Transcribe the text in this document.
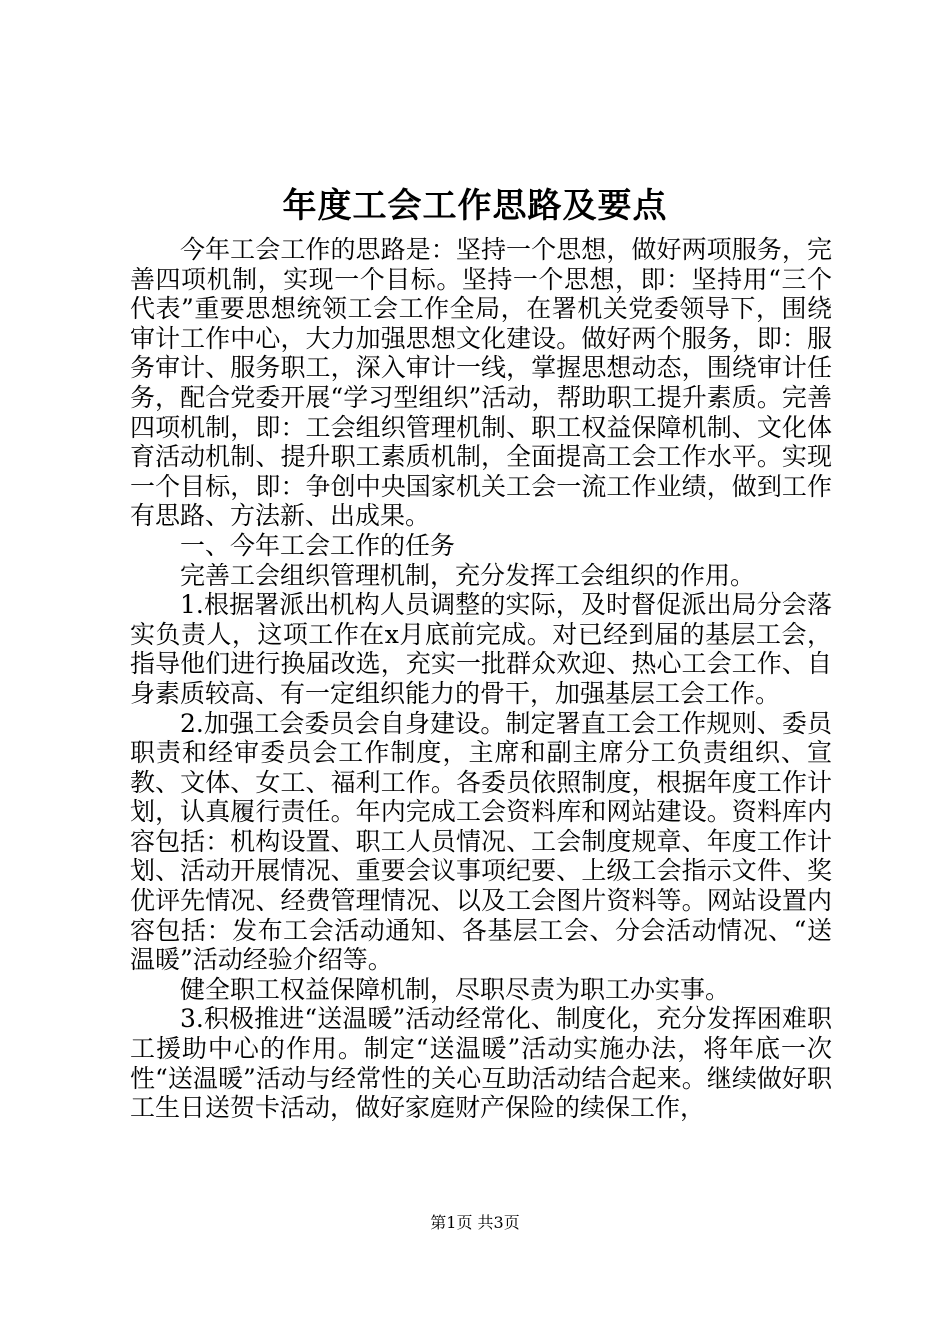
年度工会工作思路及要点

今年工会工作的思路是：坚持一个思想，做好两项服务，完善四项机制，实现一个目标。坚持一个思想，即：坚持用“三个代表”重要思想统领工会工作全局，在署机关党委领导下，围绕审计工作中心，大力加强思想文化建设。做好两个服务，即：服务审计、服务职工，深入审计一线，掌握思想动态，围绕审计任务，配合党委开展“学习型组织”活动，帮助职工提升素质。完善四项机制，即：工会组织管理机制、职工权益保障机制、文化体育活动机制、提升职工素质机制，全面提高工会工作水平。实现一个目标，即：争创中央国家机关工会一流工作业绩，做到工作有思路、方法新、出成果。

一、今年工会工作的任务

完善工会组织管理机制，充分发挥工会组织的作用。

1.根据署派出机构人员调整的实际，及时督促派出局分会落实负责人，这项工作在x月底前完成。对已经到届的基层工会，指导他们进行换届改选，充实一批群众欢迎、热心工会工作、自身素质较高、有一定组织能力的骨干，加强基层工会工作。

2.加强工会委员会自身建设。制定署直工会工作规则、委员职责和经审委员会工作制度，主席和副主席分工负责组织、宣教、文体、女工、福利工作。各委员依照制度，根据年度工作计划，认真履行责任。年内完成工会资料库和网站建设。资料库内容包括：机构设置、职工人员情况、工会制度规章、年度工作计划、活动开展情况、重要会议事项纪要、上级工会指示文件、奖优评先情况、经费管理情况、以及工会图片资料等。网站设置内容包括：发布工会活动通知、各基层工会、分会活动情况、“送温暖”活动经验介绍等。

健全职工权益保障机制，尽职尽责为职工办实事。

3.积极推进“送温暖”活动经常化、制度化，充分发挥困难职工援助中心的作用。制定“送温暖”活动实施办法，将年底一次性“送温暖”活动与经常性的关心互助活动结合起来。继续做好职工生日送贺卡活动，做好家庭财产保险的续保工作，

第1页 共3页
